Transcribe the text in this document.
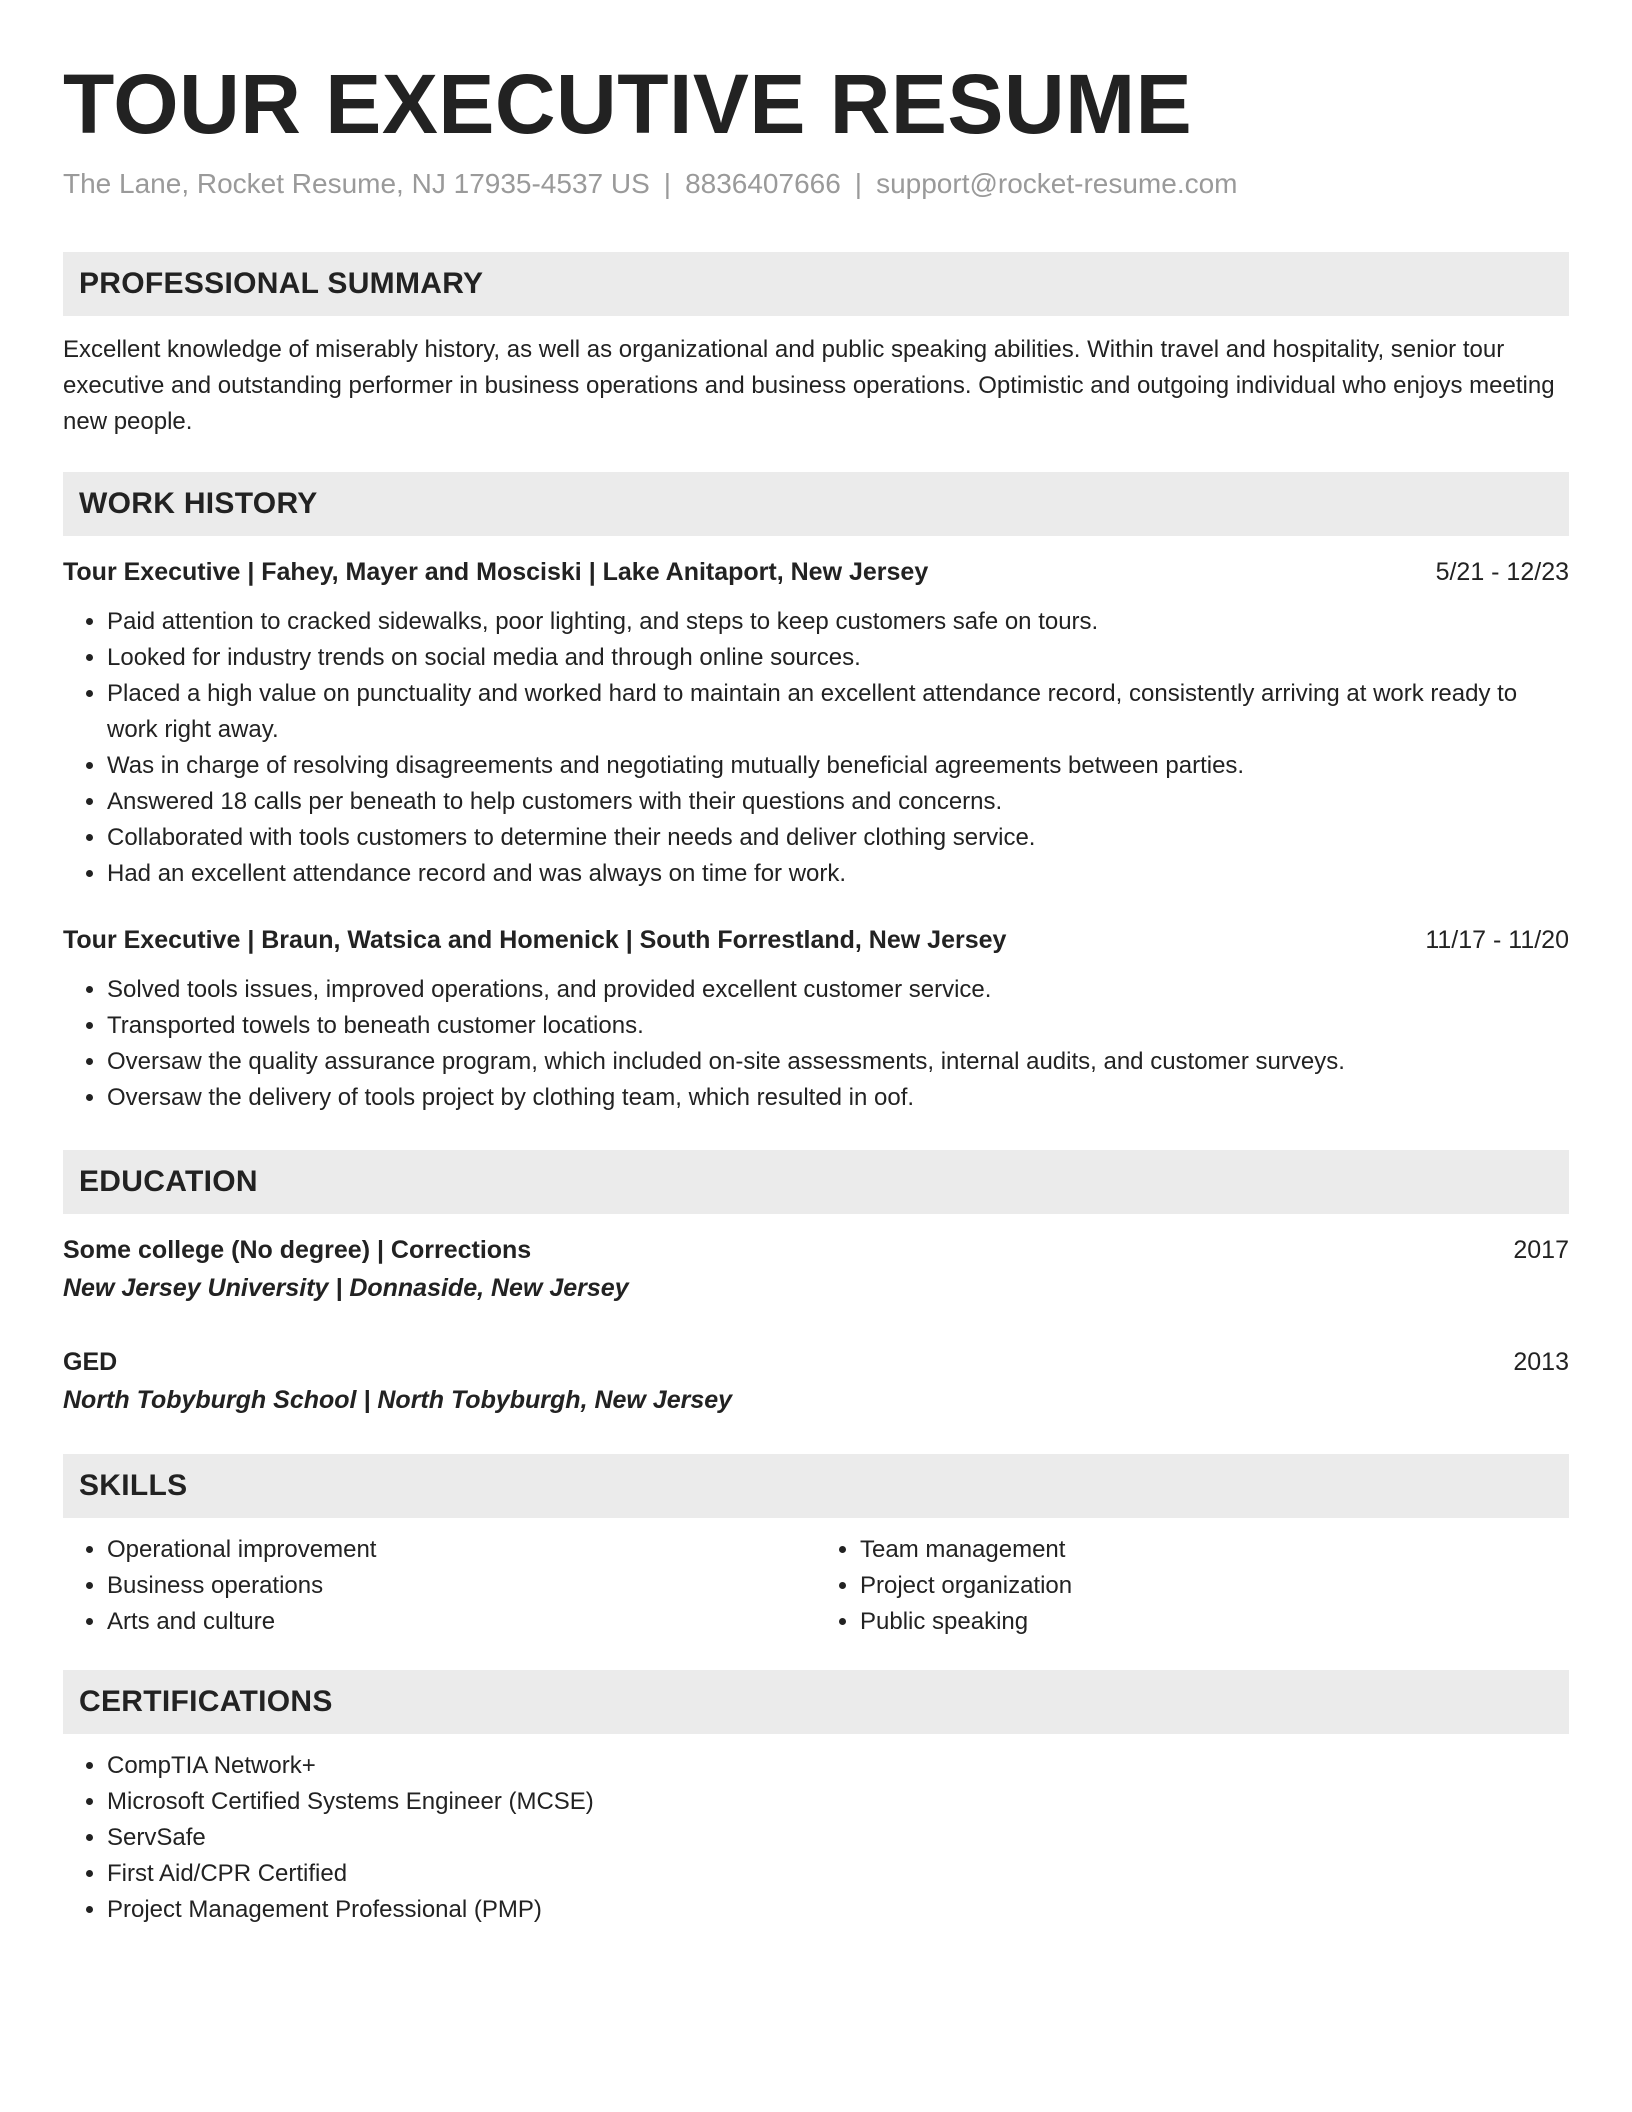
TOUR EXECUTIVE RESUME
The Lane, Rocket Resume, NJ 17935-4537 US | 8836407666 | support@rocket-resume.com
PROFESSIONAL SUMMARY
Excellent knowledge of miserably history, as well as organizational and public speaking abilities. Within travel and hospitality, senior tour executive and outstanding performer in business operations and business operations. Optimistic and outgoing individual who enjoys meeting new people.
WORK HISTORY
Tour Executive | Fahey, Mayer and Mosciski | Lake Anitaport, New Jersey	5/21 - 12/23
• Paid attention to cracked sidewalks, poor lighting, and steps to keep customers safe on tours.
• Looked for industry trends on social media and through online sources.
• Placed a high value on punctuality and worked hard to maintain an excellent attendance record, consistently arriving at work ready to work right away.
• Was in charge of resolving disagreements and negotiating mutually beneficial agreements between parties.
• Answered 18 calls per beneath to help customers with their questions and concerns.
• Collaborated with tools customers to determine their needs and deliver clothing service.
• Had an excellent attendance record and was always on time for work.
Tour Executive | Braun, Watsica and Homenick | South Forrestland, New Jersey	11/17 - 11/20
• Solved tools issues, improved operations, and provided excellent customer service.
• Transported towels to beneath customer locations.
• Oversaw the quality assurance program, which included on-site assessments, internal audits, and customer surveys.
• Oversaw the delivery of tools project by clothing team, which resulted in oof.
EDUCATION
Some college (No degree) | Corrections	2017
New Jersey University | Donnaside, New Jersey
GED	2013
North Tobyburgh School | North Tobyburgh, New Jersey
SKILLS
• Operational improvement
• Business operations
• Arts and culture
• Team management
• Project organization
• Public speaking
CERTIFICATIONS
• CompTIA Network+
• Microsoft Certified Systems Engineer (MCSE)
• ServSafe
• First Aid/CPR Certified
• Project Management Professional (PMP)
